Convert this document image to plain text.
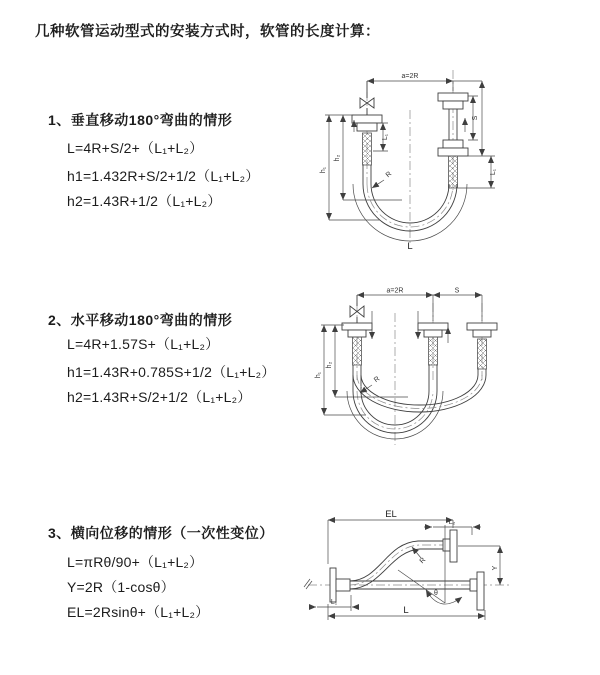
几种软管运动型式的安装方式时，软管的长度计算：
1、垂直移动180°弯曲的情形
L=4R+S/2+（L₁+L₂）
h1=1.432R+S/2+1/2（L₁+L₂）
h2=1.43R+1/2（L₁+L₂）
2、水平移动180°弯曲的情形
L=4R+1.57S+（L₁+L₂）
h1=1.43R+0.785S+1/2（L₁+L₂）
h2=1.43R+S/2+1/2（L₁+L₂）
3、横向位移的情形（一次性变位）
L=πRθ/90+（L₁+L₂）
Y=2R（1-cosθ）
EL=2Rsinθ+（L₁+L₂）
a=2R
L₁
S
L₁
h₂
h₁
R
L
a=2R	S
h₂
h₁
R
θ
R
EL
L₂
Y
L₁
L
